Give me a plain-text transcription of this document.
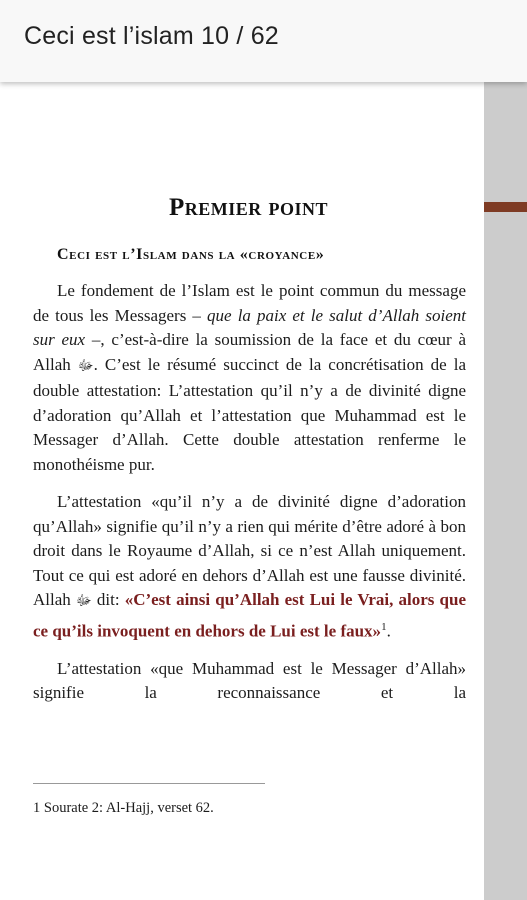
Ceci est l’islam 10 / 62
Premier point
Ceci est l’Islam dans la «croyance»

Le fondement de l’Islam est le point commun du message de tous les Messagers – que la paix et le salut d’Allah soient sur eux –, c’est-à-dire la soumission de la face et du cœur à Allah ﷻ. C’est le résumé succinct de la concrétisation de la double attestation: L’attestation qu’il n’y a de divinité digne d’adoration qu’Allah et l’attestation que Muhammad est le Messager d’Allah. Cette double attestation renferme le monothéisme pur.

L’attestation «qu’il n’y a de divinité digne d’adoration qu’Allah» signifie qu’il n’y a rien qui mérite d’être adoré à bon droit dans le Royaume d’Allah, si ce n’est Allah uniquement. Tout ce qui est adoré en dehors d’Allah est une fausse divinité. Allah ﷻ dit: «C’est ainsi qu’Allah est Lui le Vrai, alors que ce qu’ils invoquent en dehors de Lui est le faux»$^1$.

L’attestation «que Muhammad est le Messager d’Allah» signifie la reconnaissance et la

1 Sourate 2: Al-Hajj, verset 62.
